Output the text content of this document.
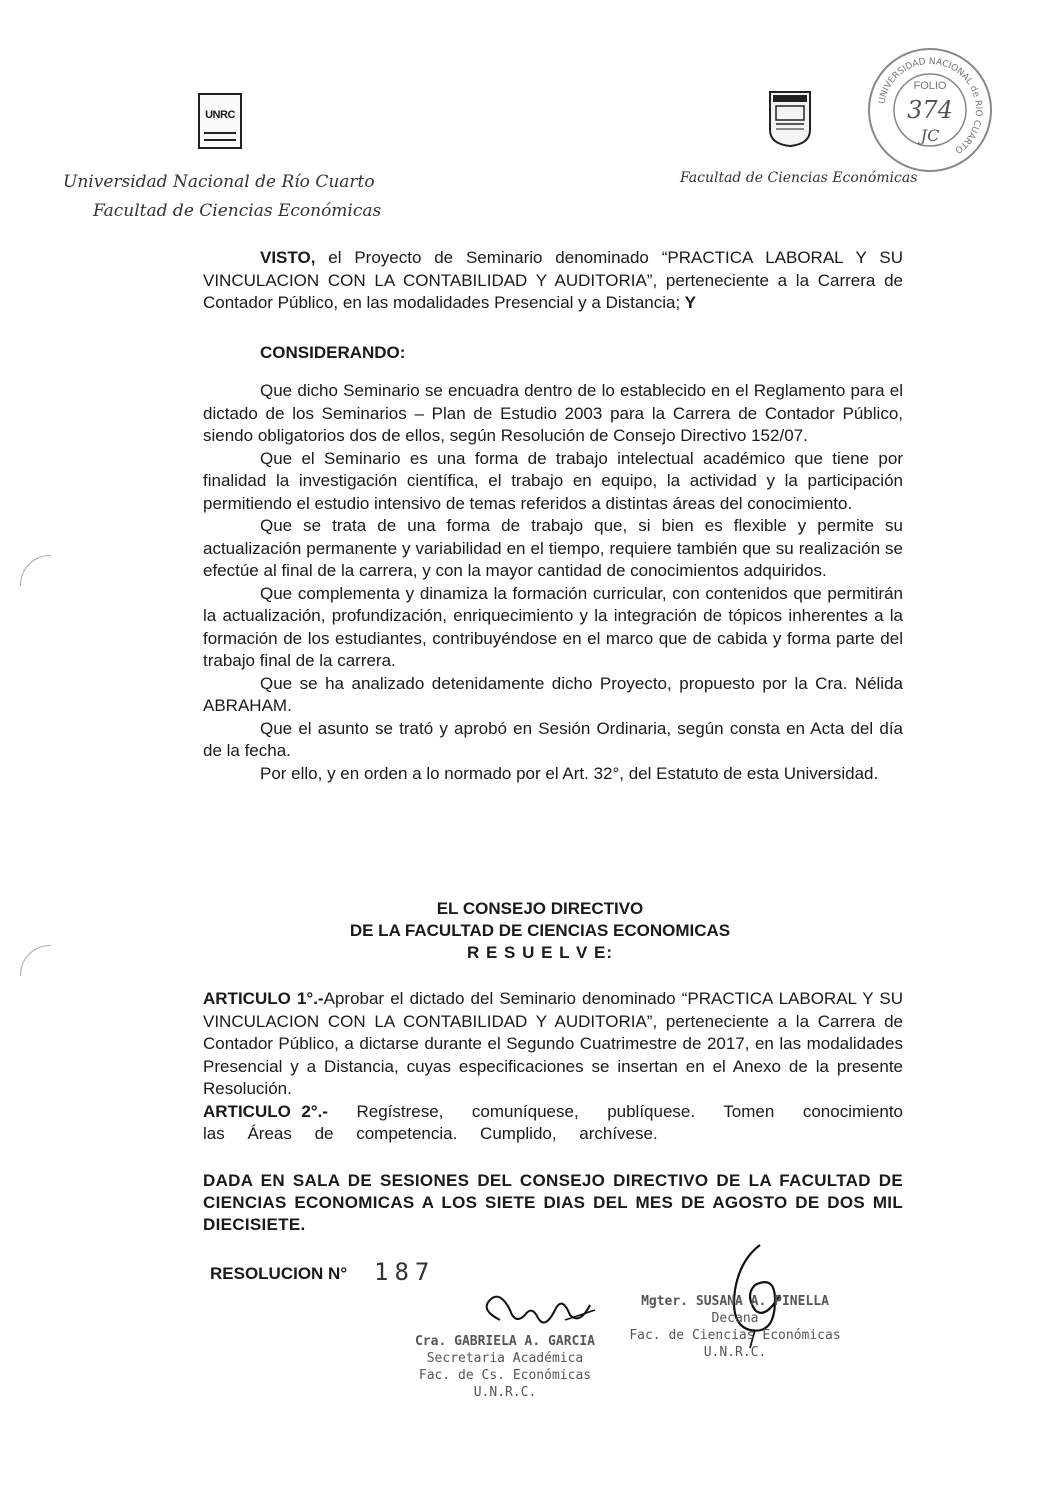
UNRC
Universidad Nacional de Río Cuarto
Facultad de Ciencias Económicas
Facultad de Ciencias Económicas
UNIVERSIDAD NACIONAL de RIO CUARTO
FOLIO
374
JC

VISTO, el Proyecto de Seminario denominado “PRACTICA LABORAL Y SU VINCULACION CON LA CONTABILIDAD Y AUDITORIA”, perteneciente a la Carrera de Contador Público, en las modalidades Presencial y a Distancia; Y

CONSIDERANDO:

Que dicho Seminario se encuadra dentro de lo establecido en el Reglamento para el dictado de los Seminarios – Plan de Estudio 2003 para la Carrera de Contador Público, siendo obligatorios dos de ellos, según Resolución de Consejo Directivo 152/07.

Que el Seminario es una forma de trabajo intelectual académico que tiene por finalidad la investigación científica, el trabajo en equipo, la actividad y la participación permitiendo el estudio intensivo de temas referidos a distintas áreas del conocimiento.

Que se trata de una forma de trabajo que, si bien es flexible y permite su actualización permanente y variabilidad en el tiempo, requiere también que su realización se efectúe al final de la carrera, y con la mayor cantidad de conocimientos adquiridos.

Que complementa y dinamiza la formación curricular, con contenidos que permitirán la actualización, profundización, enriquecimiento y la integración de tópicos inherentes a la formación de los estudiantes, contribuyéndose en el marco que de cabida y forma parte del trabajo final de la carrera.

Que se ha analizado detenidamente dicho Proyecto, propuesto por la Cra. Nélida ABRAHAM.

Que el asunto se trató y aprobó en Sesión Ordinaria, según consta en Acta del día de la fecha.

Por ello, y en orden a lo normado por el Art. 32°, del Estatuto de esta Universidad.

EL CONSEJO DIRECTIVO
DE LA FACULTAD DE CIENCIAS ECONOMICAS
R E S U E L V E:

ARTICULO 1°.-Aprobar el dictado del Seminario denominado “PRACTICA LABORAL Y SU VINCULACION CON LA CONTABILIDAD Y AUDITORIA”, perteneciente a la Carrera de Contador Público, a dictarse durante el Segundo Cuatrimestre de 2017, en las modalidades Presencial y a Distancia, cuyas especificaciones se insertan en el Anexo de la presente Resolución.

ARTICULO 2°.- Regístrese, comuníquese, publíquese. Tomen conocimiento las Áreas de competencia. Cumplido, archívese.

DADA EN SALA DE SESIONES DEL CONSEJO DIRECTIVO DE LA FACULTAD DE CIENCIAS ECONOMICAS A LOS SIETE DIAS DEL MES DE AGOSTO DE DOS MIL DIECISIETE.
RESOLUCION N° 187
Cra. GABRIELA A. GARCIA
Secretaria Académica
Fac. de Cs. Económicas
U.N.R.C.
Mgter. SUSANA A. PINELLA
Decana
Fac. de Ciencias Económicas
U.N.R.C.
